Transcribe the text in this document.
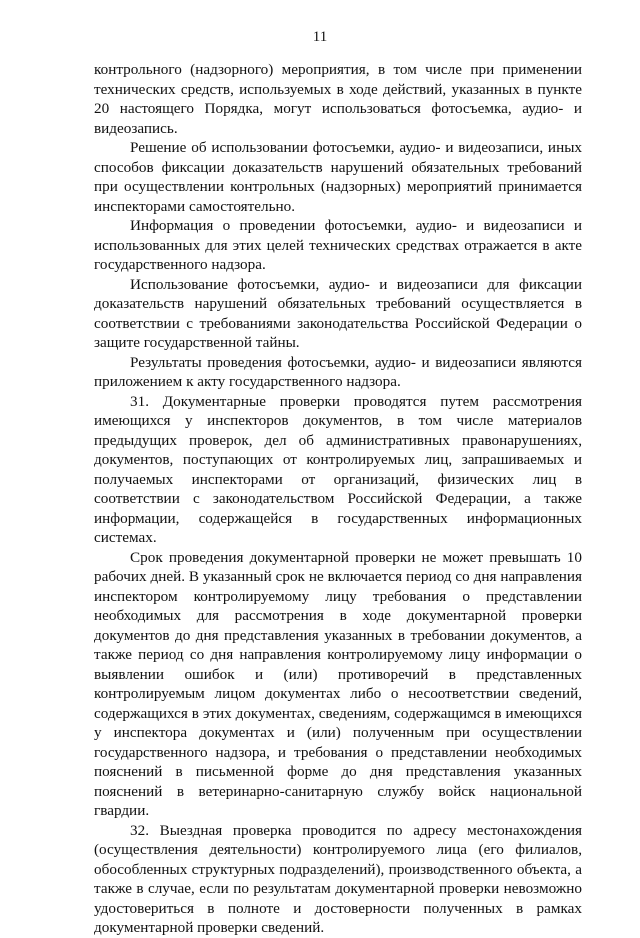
11

контрольного (надзорного) мероприятия, в том числе при применении технических средств, используемых в ходе действий, указанных в пункте 20 настоящего Порядка, могут использоваться фотосъемка, аудио- и видеозапись.

Решение об использовании фотосъемки, аудио- и видеозаписи, иных способов фиксации доказательств нарушений обязательных требований при осуществлении контрольных (надзорных) мероприятий принимается инспекторами самостоятельно.

Информация о проведении фотосъемки, аудио- и видеозаписи и использованных для этих целей технических средствах отражается в акте государственного надзора.

Использование фотосъемки, аудио- и видеозаписи для фиксации доказательств нарушений обязательных требований осуществляется в соответствии с требованиями законодательства Российской Федерации о защите государственной тайны.

Результаты проведения фотосъемки, аудио- и видеозаписи являются приложением к акту государственного надзора.

31. Документарные проверки проводятся путем рассмотрения имеющихся у инспекторов документов, в том числе материалов предыдущих проверок, дел об административных правонарушениях, документов, поступающих от контролируемых лиц, запрашиваемых и получаемых инспекторами от организаций, физических лиц в соответствии с законодательством Российской Федерации, а также информации, содержащейся в государственных информационных системах.

Срок проведения документарной проверки не может превышать 10 рабочих дней. В указанный срок не включается период со дня направления инспектором контролируемому лицу требования о представлении необходимых для рассмотрения в ходе документарной проверки документов до дня представления указанных в требовании документов, а также период со дня направления контролируемому лицу информации о выявлении ошибок и (или) противоречий в представленных контролируемым лицом документах либо о несоответствии сведений, содержащихся в этих документах, сведениям, содержащимся в имеющихся у инспектора документах и (или) полученным при осуществлении государственного надзора, и требования о представлении необходимых пояснений в письменной форме до дня представления указанных пояснений в ветеринарно-санитарную службу войск национальной гвардии.

32. Выездная проверка проводится по адресу местонахождения (осуществления деятельности) контролируемого лица (его филиалов, обособленных структурных подразделений), производственного объекта, а также в случае, если по результатам документарной проверки невозможно удостовериться в полноте и достоверности полученных в рамках документарной проверки сведений.
